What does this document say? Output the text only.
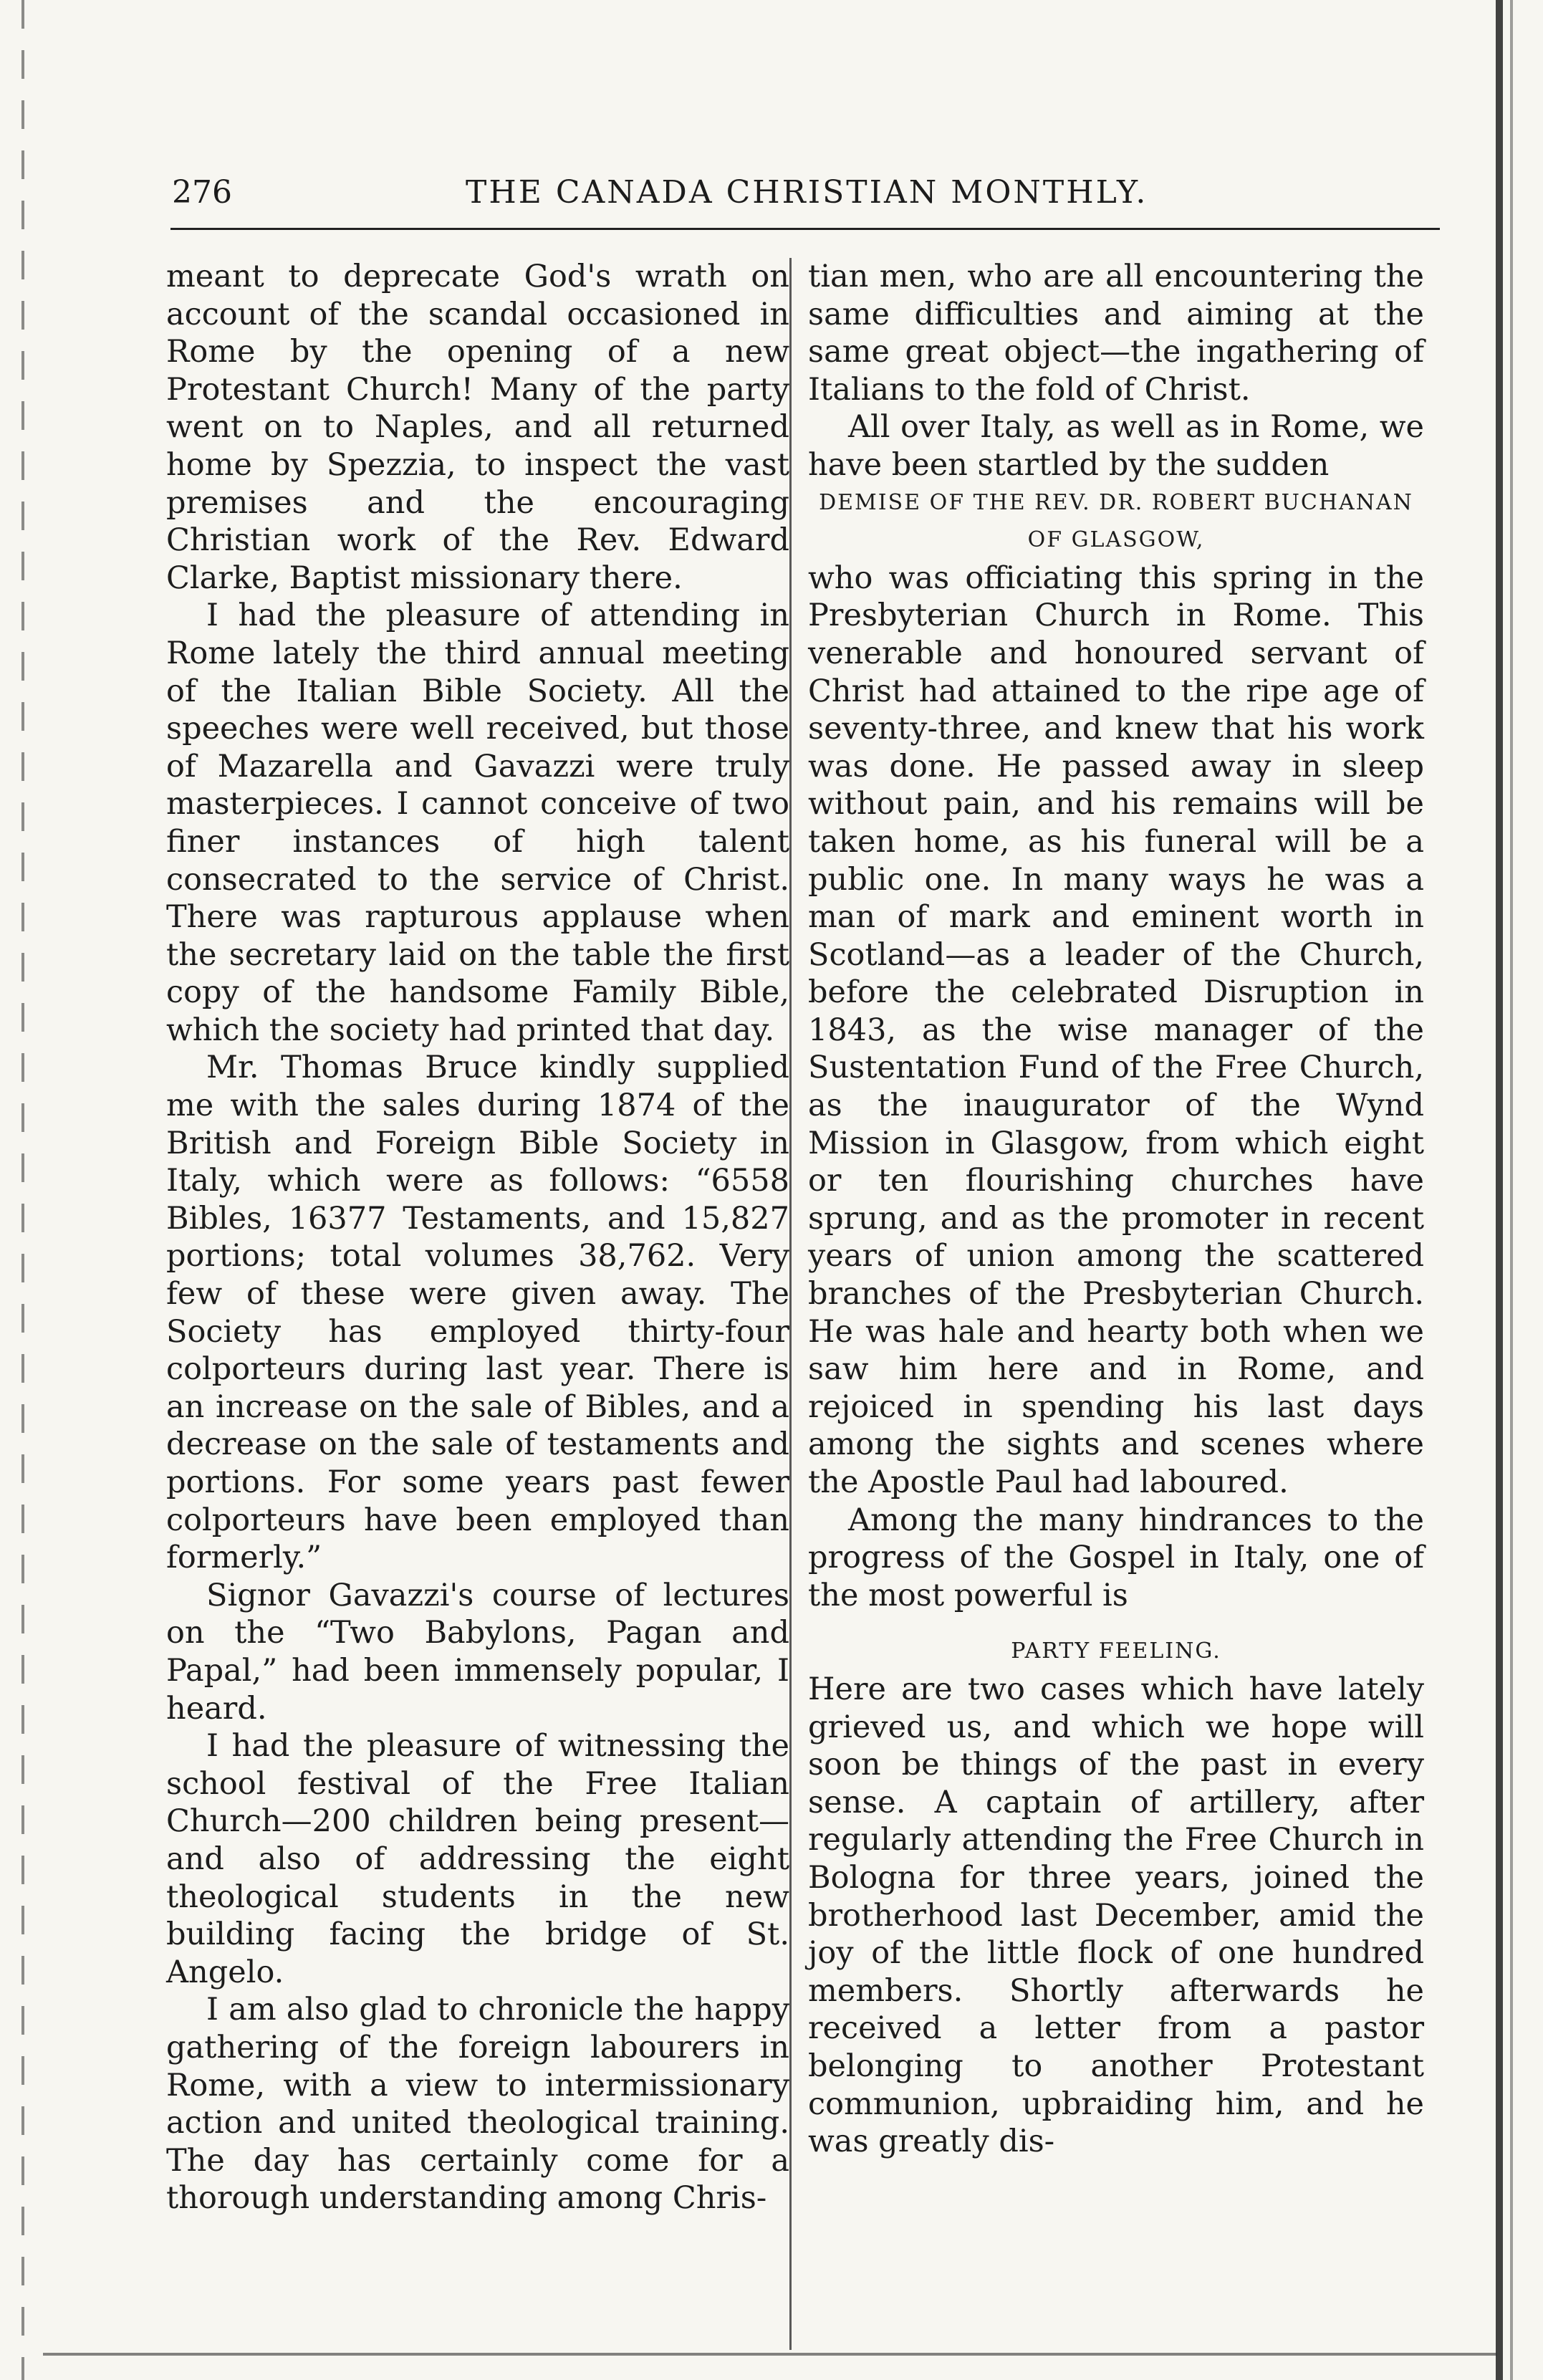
276	THE CANADA CHRISTIAN MONTHLY.

meant to deprecate God's wrath on account of the scandal occasioned in Rome by the opening of a new Protestant Church! Many of the party went on to Naples, and all returned home by Spezzia, to inspect the vast premises and the encouraging Christian work of the Rev. Edward Clarke, Baptist missionary there.

I had the pleasure of attending in Rome lately the third annual meeting of the Italian Bible Society. All the speeches were well received, but those of Mazarella and Gavazzi were truly masterpieces. I cannot conceive of two finer instances of high talent consecrated to the service of Christ. There was rapturous applause when the secretary laid on the table the first copy of the handsome Family Bible, which the society had printed that day.

Mr. Thomas Bruce kindly supplied me with the sales during 1874 of the British and Foreign Bible Society in Italy, which were as follows: “6558 Bibles, 16377 Testaments, and 15,827 portions; total volumes 38,762. Very few of these were given away. The Society has employed thirty-four colporteurs during last year. There is an increase on the sale of Bibles, and a decrease on the sale of testaments and portions. For some years past fewer colporteurs have been employed than formerly.”

Signor Gavazzi's course of lectures on the “Two Babylons, Pagan and Papal,” had been immensely popular, I heard.

I had the pleasure of witnessing the school festival of the Free Italian Church—200 children being present—and also of addressing the eight theological students in the new building facing the bridge of St. Angelo.

I am also glad to chronicle the happy gathering of the foreign labourers in Rome, with a view to intermissionary action and united theological training. The day has certainly come for a thorough understanding among Chris-

tian men, who are all encountering the same difficulties and aiming at the same great object—the ingathering of Italians to the fold of Christ.

All over Italy, as well as in Rome, we have been startled by the sudden

DEMISE OF THE REV. DR. ROBERT BUCHANAN
OF GLASGOW,

who was officiating this spring in the Presbyterian Church in Rome. This venerable and honoured servant of Christ had attained to the ripe age of seventy-three, and knew that his work was done. He passed away in sleep without pain, and his remains will be taken home, as his funeral will be a public one. In many ways he was a man of mark and eminent worth in Scotland—as a leader of the Church, before the celebrated Disruption in 1843, as the wise manager of the Sustentation Fund of the Free Church, as the inaugurator of the Wynd Mission in Glasgow, from which eight or ten flourishing churches have sprung, and as the promoter in recent years of union among the scattered branches of the Presbyterian Church. He was hale and hearty both when we saw him here and in Rome, and rejoiced in spending his last days among the sights and scenes where the Apostle Paul had laboured.

Among the many hindrances to the progress of the Gospel in Italy, one of the most powerful is

PARTY FEELING.

Here are two cases which have lately grieved us, and which we hope will soon be things of the past in every sense. A captain of artillery, after regularly attending the Free Church in Bologna for three years, joined the brotherhood last December, amid the joy of the little flock of one hundred members. Shortly afterwards he received a letter from a pastor belonging to another Protestant communion, upbraiding him, and he was greatly dis-
